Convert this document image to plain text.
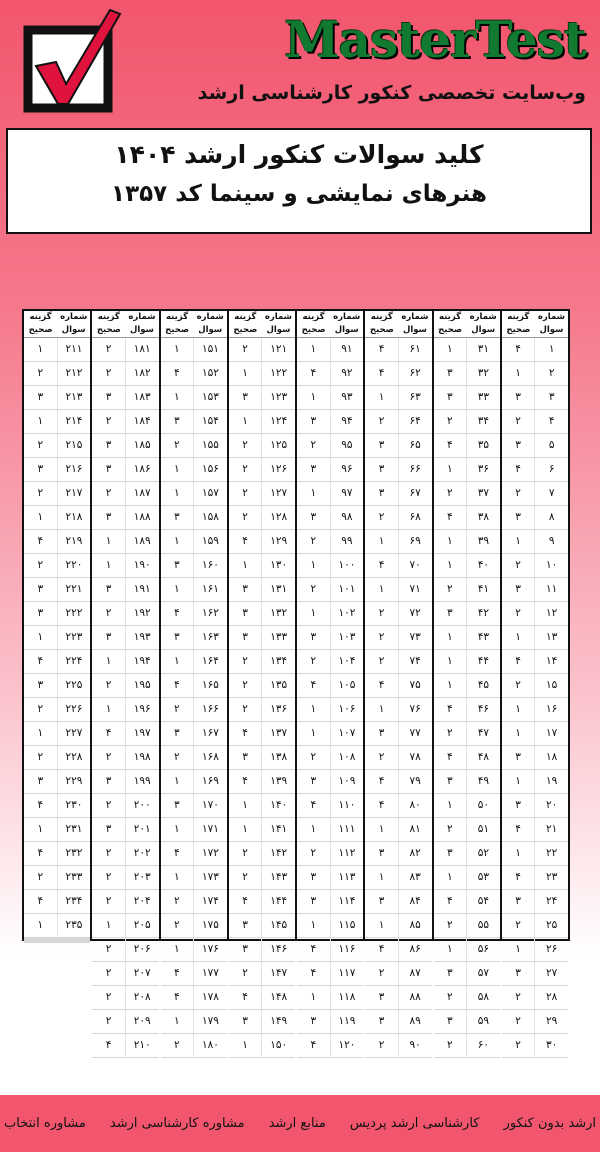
MasterTest
وب‌سایت تخصصی کنکور کارشناسی ارشد
کلید سوالات کنکور ارشد ۱۴۰۴
هنرهای نمایشی و سینما کد ۱۳۵۷
شماره سوال
گزینه صحیح
۱
۴
۲
۱
۳
۳
۴
۲
۵
۳
۶
۴
۷
۲
۸
۳
۹
۱
۱۰
۲
۱۱
۳
۱۲
۲
۱۳
۱
۱۴
۴
۱۵
۲
۱۶
۱
۱۷
۱
۱۸
۳
۱۹
۱
۲۰
۳
۲۱
۴
۲۲
۱
۲۳
۴
۲۴
۳
۲۵
۲
۲۶
۱
۲۷
۳
۲۸
۲
۲۹
۲
۳۰
۲
شماره سوال
گزینه صحیح
۳۱
۱
۳۲
۳
۳۳
۳
۳۴
۲
۳۵
۴
۳۶
۱
۳۷
۲
۳۸
۴
۳۹
۱
۴۰
۱
۴۱
۲
۴۲
۳
۴۳
۱
۴۴
۱
۴۵
۱
۴۶
۴
۴۷
۲
۴۸
۴
۴۹
۳
۵۰
۱
۵۱
۲
۵۲
۳
۵۳
۱
۵۴
۴
۵۵
۲
۵۶
۱
۵۷
۳
۵۸
۲
۵۹
۳
۶۰
۲
شماره سوال
گزینه صحیح
۶۱
۴
۶۲
۴
۶۳
۱
۶۴
۲
۶۵
۳
۶۶
۳
۶۷
۳
۶۸
۲
۶۹
۱
۷۰
۴
۷۱
۱
۷۲
۲
۷۳
۲
۷۴
۲
۷۵
۴
۷۶
۱
۷۷
۳
۷۸
۲
۷۹
۴
۸۰
۴
۸۱
۱
۸۲
۳
۸۳
۱
۸۴
۳
۸۵
۱
۸۶
۴
۸۷
۲
۸۸
۳
۸۹
۳
۹۰
۲
شماره سوال
گزینه صحیح
۹۱
۱
۹۲
۴
۹۳
۱
۹۴
۳
۹۵
۲
۹۶
۳
۹۷
۱
۹۸
۳
۹۹
۲
۱۰۰
۱
۱۰۱
۲
۱۰۲
۱
۱۰۳
۳
۱۰۴
۲
۱۰۵
۴
۱۰۶
۱
۱۰۷
۱
۱۰۸
۲
۱۰۹
۳
۱۱۰
۴
۱۱۱
۱
۱۱۲
۲
۱۱۳
۳
۱۱۴
۳
۱۱۵
۱
۱۱۶
۴
۱۱۷
۴
۱۱۸
۱
۱۱۹
۳
۱۲۰
۴
شماره سوال
گزینه صحیح
۱۲۱
۲
۱۲۲
۱
۱۲۳
۳
۱۲۴
۱
۱۲۵
۲
۱۲۶
۲
۱۲۷
۲
۱۲۸
۲
۱۲۹
۴
۱۳۰
۱
۱۳۱
۳
۱۳۲
۳
۱۳۳
۳
۱۳۴
۲
۱۳۵
۲
۱۳۶
۲
۱۳۷
۴
۱۳۸
۳
۱۳۹
۴
۱۴۰
۱
۱۴۱
۱
۱۴۲
۲
۱۴۳
۲
۱۴۴
۴
۱۴۵
۳
۱۴۶
۳
۱۴۷
۲
۱۴۸
۴
۱۴۹
۳
۱۵۰
۱
شماره سوال
گزینه صحیح
۱۵۱
۱
۱۵۲
۴
۱۵۳
۱
۱۵۴
۳
۱۵۵
۲
۱۵۶
۱
۱۵۷
۱
۱۵۸
۳
۱۵۹
۱
۱۶۰
۳
۱۶۱
۱
۱۶۲
۴
۱۶۳
۳
۱۶۴
۱
۱۶۵
۴
۱۶۶
۲
۱۶۷
۳
۱۶۸
۲
۱۶۹
۱
۱۷۰
۳
۱۷۱
۱
۱۷۲
۴
۱۷۳
۱
۱۷۴
۲
۱۷۵
۲
۱۷۶
۱
۱۷۷
۴
۱۷۸
۴
۱۷۹
۱
۱۸۰
۲
شماره سوال
گزینه صحیح
۱۸۱
۲
۱۸۲
۲
۱۸۳
۳
۱۸۴
۲
۱۸۵
۳
۱۸۶
۳
۱۸۷
۲
۱۸۸
۳
۱۸۹
۱
۱۹۰
۱
۱۹۱
۳
۱۹۲
۲
۱۹۳
۳
۱۹۴
۱
۱۹۵
۲
۱۹۶
۱
۱۹۷
۴
۱۹۸
۲
۱۹۹
۳
۲۰۰
۲
۲۰۱
۳
۲۰۲
۲
۲۰۳
۲
۲۰۴
۲
۲۰۵
۱
۲۰۶
۲
۲۰۷
۲
۲۰۸
۲
۲۰۹
۲
۲۱۰
۴
شماره سوال
گزینه صحیح
۲۱۱
۱
۲۱۲
۲
۲۱۳
۳
۲۱۴
۱
۲۱۵
۲
۲۱۶
۳
۲۱۷
۲
۲۱۸
۱
۲۱۹
۴
۲۲۰
۲
۲۲۱
۳
۲۲۲
۳
۲۲۳
۱
۲۲۴
۴
۲۲۵
۳
۲۲۶
۲
۲۲۷
۱
۲۲۸
۲
۲۲۹
۳
۲۳۰
۴
۲۳۱
۱
۲۳۲
۴
۲۳۳
۲
۲۳۴
۴
۲۳۵
۱
ارشد بدون کنکور
کارشناسی ارشد پردیس
منابع ارشد
مشاوره کارشناسی ارشد
مشاوره انتخاب
